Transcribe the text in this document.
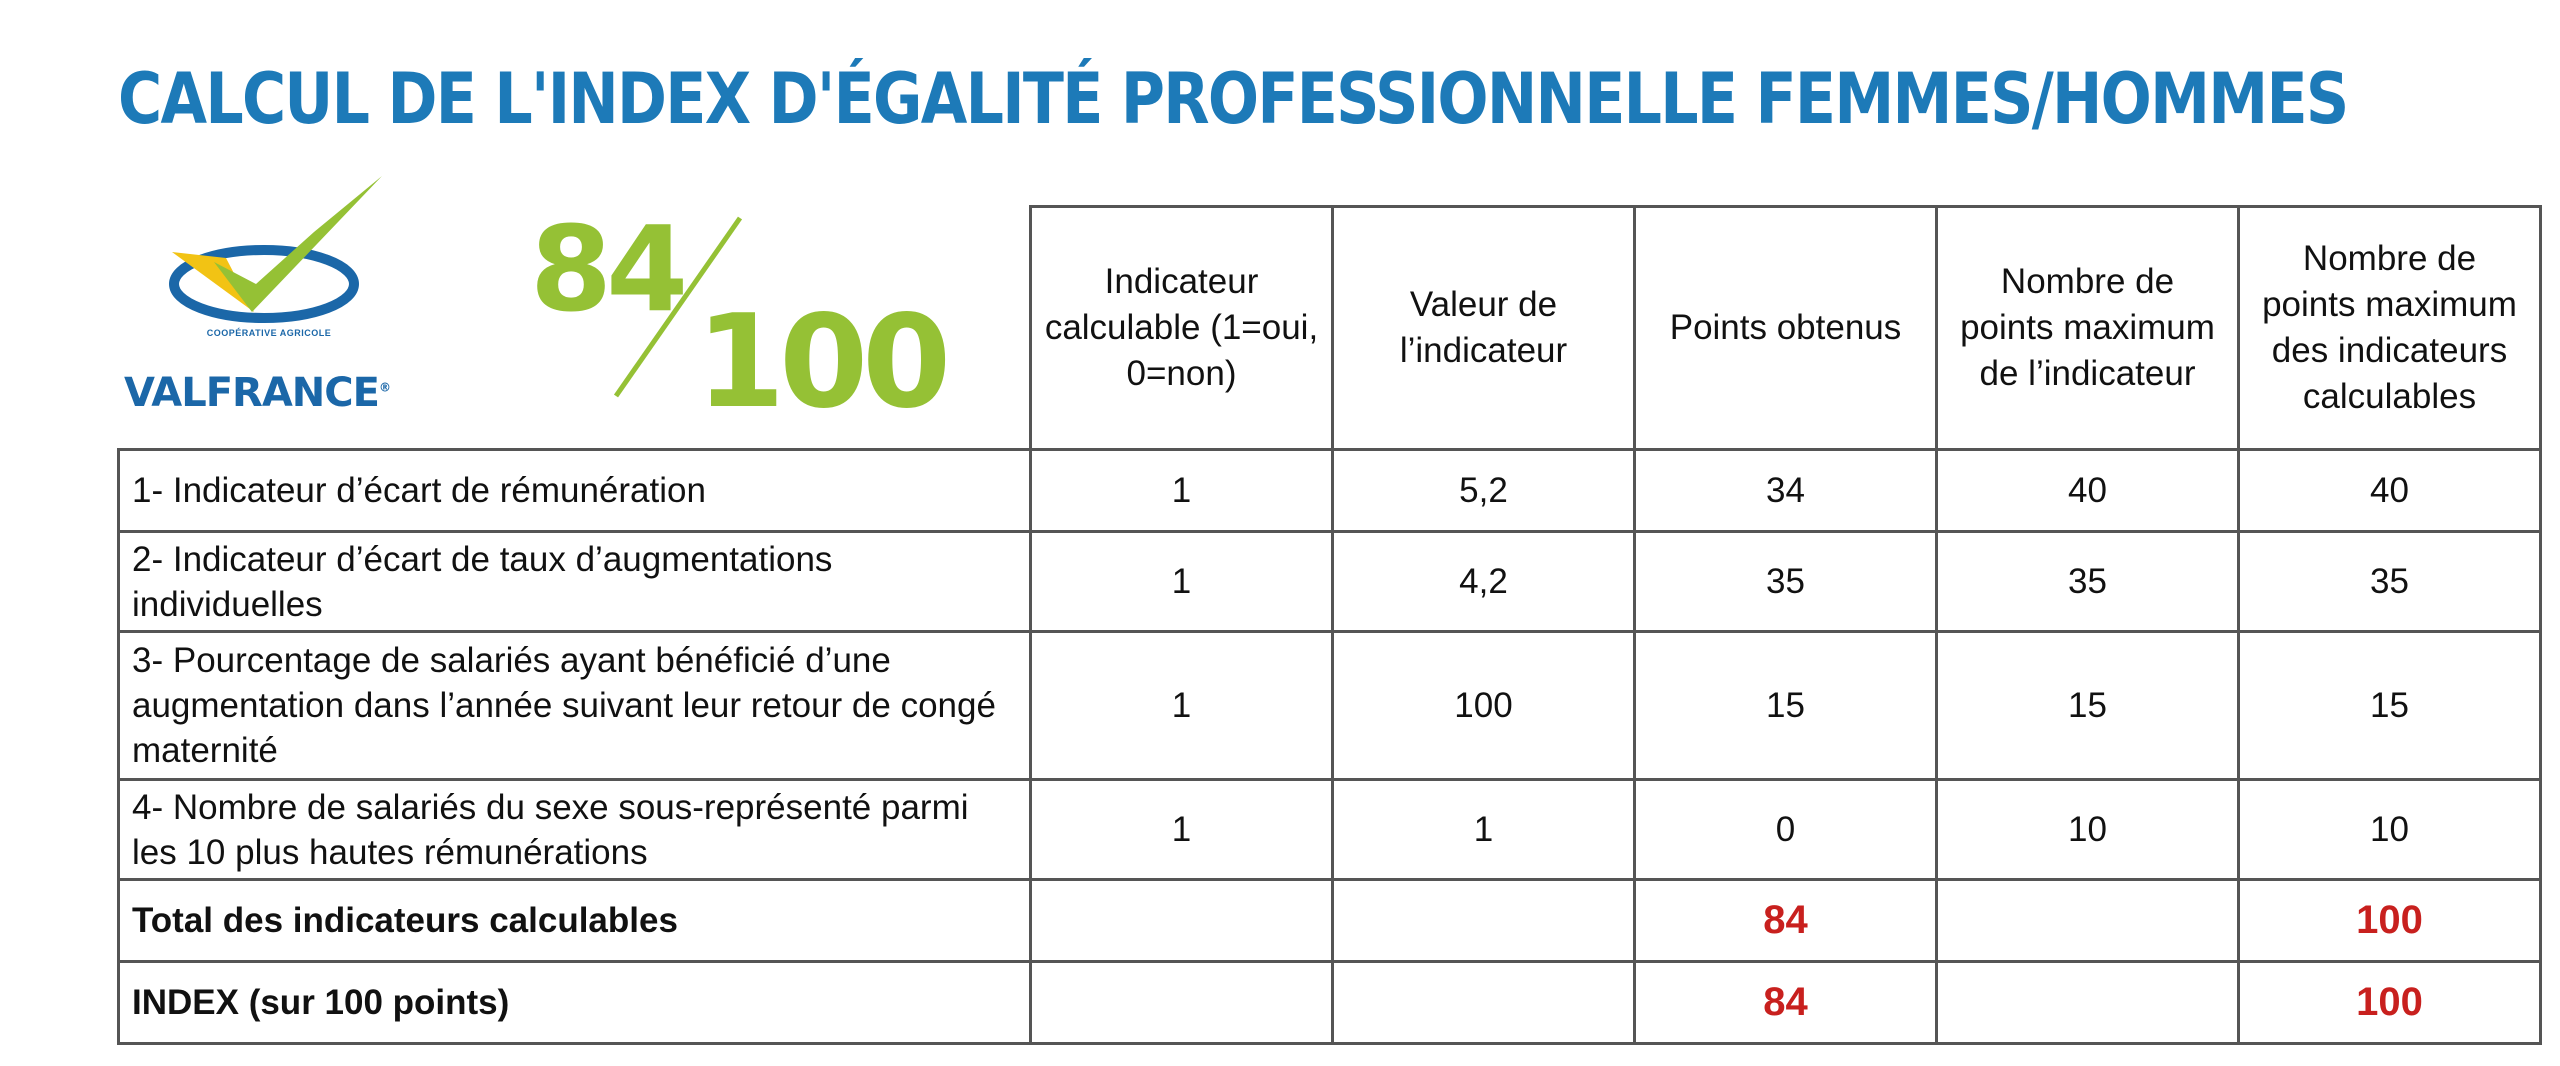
CALCUL DE L'INDEX D'ÉGALITÉ PROFESSIONNELLE FEMMES/HOMMES
COOPÉRATIVE AGRICOLE
VALFRANCE®
84
100
	Indicateur calculable (1=oui, 0=non)	Valeur de l’indicateur	Points obtenus	Nombre de points maximum de l’indicateur	Nombre de points maximum des indicateurs calculables
1- Indicateur d’écart de rémunération	1	5,2	34	40	40
2- Indicateur d’écart de taux d’augmentations individuelles	1	4,2	35	35	35
3- Pourcentage de salariés ayant bénéficié d’une augmentation dans l’année suivant leur retour de congé maternité	1	100	15	15	15
4- Nombre de salariés du sexe sous-représenté parmi les 10 plus hautes rémunérations	1	1	0	10	10
Total des indicateurs calculables			84		100
INDEX (sur 100 points)			84		100
